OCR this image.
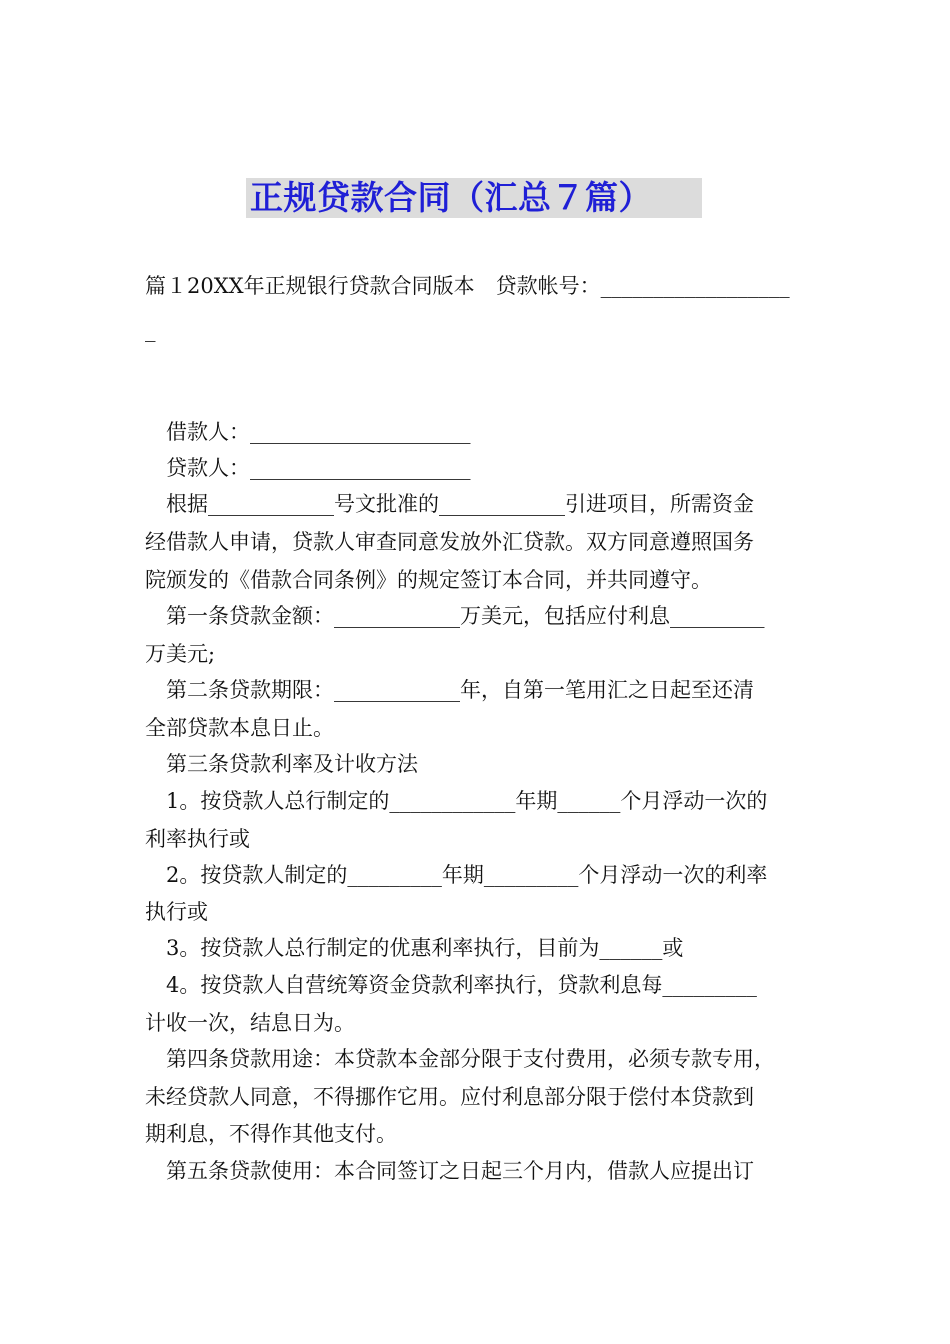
正规贷款合同（汇总７篇）
篇１20XX年正规银行贷款合同版本　贷款帐号：__________________
_
借款人：_____________________
贷款人：_____________________
根据____________号文批准的____________引进项目，所需资金
经借款人申请，贷款人审查同意发放外汇贷款。双方同意遵照国务
院颁发的《借款合同条例》的规定签订本合同，并共同遵守。
第一条贷款金额：____________万美元，包括应付利息_________
万美元;
第二条贷款期限：____________年，自第一笔用汇之日起至还清
全部贷款本息日止。
第三条贷款利率及计收方法
1。按贷款人总行制定的____________年期______个月浮动一次的
利率执行或
2。按贷款人制定的_________年期_________个月浮动一次的利率
执行或
3。按贷款人总行制定的优惠利率执行，目前为______或
4。按贷款人自营统筹资金贷款利率执行，贷款利息每_________
计收一次，结息日为。
第四条贷款用途：本贷款本金部分限于支付费用，必须专款专用，
未经贷款人同意，不得挪作它用。应付利息部分限于偿付本贷款到
期利息，不得作其他支付。
第五条贷款使用：本合同签订之日起三个月内，借款人应提出订
